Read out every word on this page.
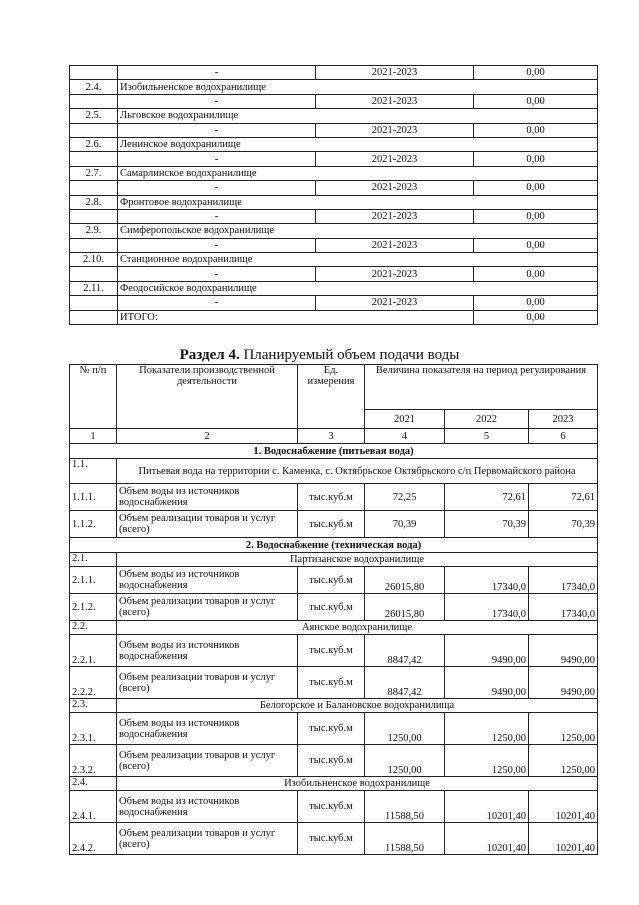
	-	2021-2023	0,00
2.4.	Изобильненское водохранилище		
	-	2021-2023	0,00
2.5.	Льговское водохранилище		
	-	2021-2023	0,00
2.6.	Ленинское водохранилище		
	-	2021-2023	0,00
2.7.	Самарлинское водохранилище		
	-	2021-2023	0,00
2.8.	Фронтовое водохранилище		
	-	2021-2023	0,00
2.9.	Симферопольское водохранилище		
	-	2021-2023	0,00
2.10.	Станционное водохранилище		
	-	2021-2023	0,00
2.11.	Феодосийское водохранилище		
	-	2021-2023	0,00
	ИТОГО:		0,00
Раздел 4. Планируемый объем подачи воды
№ п/п	Показатели производственной деятельности	Ед. измерения	Величина показателя на период регулирования		
			2021	2022	2023
1	2	3	4	5	6
1. Водоснабжение (питьевая вода)					
1.1.	Питьевая вода на территории с. Каменка, с. Октябрьское Октябрьского с/п Первомайского района				
1.1.1.	Объем воды из источников водоснабжения	тыс.куб.м	72,25	72,61	72,61
1.1.2.	Объем реализации товаров и услуг (всего)	тыс.куб.м	70,39	70,39	70,39
2. Водоснабжение (техническая вода)					
2.1.	Партизанское водохранилище				
2.1.1.	Объем воды из источников водоснабжения	тыс.куб.м	26015,80	17340,0	17340,0
2.1.2.	Объем реализации товаров и услуг (всего)	тыс.куб.м	26015,80	17340,0	17340,0
2.2.	Аянское водохранилище				
2.2.1.	Объем воды из источников водоснабжения	тыс.куб.м	8847,42	9490,00	9490,00
2.2.2.	Объем реализации товаров и услуг (всего)	тыс.куб.м	8847,42	9490,00	9490,00
2.3.	Белогорское и Балановское водохранилища				
2.3.1.	Объем воды из источников водоснабжения	тыс.куб.м	1250,00	1250,00	1250,00
2.3.2.	Объем реализации товаров и услуг (всего)	тыс.куб.м	1250,00	1250,00	1250,00
2.4.	Изобильненское водохранилище				
2.4.1.	Объем воды из источников водоснабжения	тыс.куб.м	11588,50	10201,40	10201,40
2.4.2.	Объем реализации товаров и услуг (всего)	тыс.куб.м	11588,50	10201,40	10201,40
